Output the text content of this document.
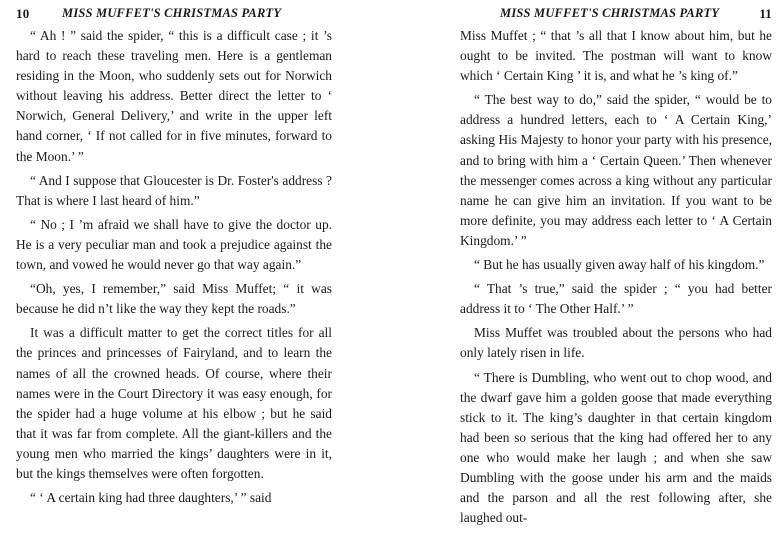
10	MISS MUFFET'S CHRISTMAS PARTY

“ Ah ! ” said the spider, “ this is a difficult case ; it ’s hard to reach these traveling men. Here is a gentleman residing in the Moon, who suddenly sets out for Norwich without leaving his address. Better direct the letter to ‘ Norwich, General Delivery,’ and write in the upper left hand corner, ‘ If not called for in five minutes, forward to the Moon.’ ”

“ And I suppose that Gloucester is Dr. Foster's address ? That is where I last heard of him.”

“ No ; I ’m afraid we shall have to give the doctor up. He is a very peculiar man and took a prejudice against the town, and vowed he would never go that way again.”

“Oh, yes, I remember,” said Miss Muffet; “ it was because he did n’t like the way they kept the roads.”

It was a difficult matter to get the correct titles for all the princes and princesses of Fairyland, and to learn the names of all the crowned heads. Of course, where their names were in the Court Directory it was easy enough, for the spider had a huge volume at his elbow ; but he said that it was far from complete. All the giant-killers and the young men who married the kings’ daughters were in it, but the kings themselves were often forgotten.

“ ‘ A certain king had three daughters,’ ” said

MISS MUFFET'S CHRISTMAS PARTY	11

Miss Muffet ; “ that ’s all that I know about him, but he ought to be invited. The postman will want to know which ‘ Certain King ’ it is, and what he ’s king of.”

“ The best way to do,” said the spider, “ would be to address a hundred letters, each to ‘ A Certain King,’ asking His Majesty to honor your party with his presence, and to bring with him a ‘ Certain Queen.’ Then whenever the messenger comes across a king without any particular name he can give him an invitation. If you want to be more definite, you may address each letter to ‘ A Certain Kingdom.’ ”

“ But he has usually given away half of his kingdom.”

“ That ’s true,” said the spider ; “ you had better address it to ‘ The Other Half.’ ”

Miss Muffet was troubled about the persons who had only lately risen in life.

“ There is Dumbling, who went out to chop wood, and the dwarf gave him a golden goose that made everything stick to it. The king’s daughter in that certain kingdom had been so serious that the king had offered her to any one who would make her laugh ; and when she saw Dumbling with the goose under his arm and the maids and the parson and all the rest following after, she laughed out-
